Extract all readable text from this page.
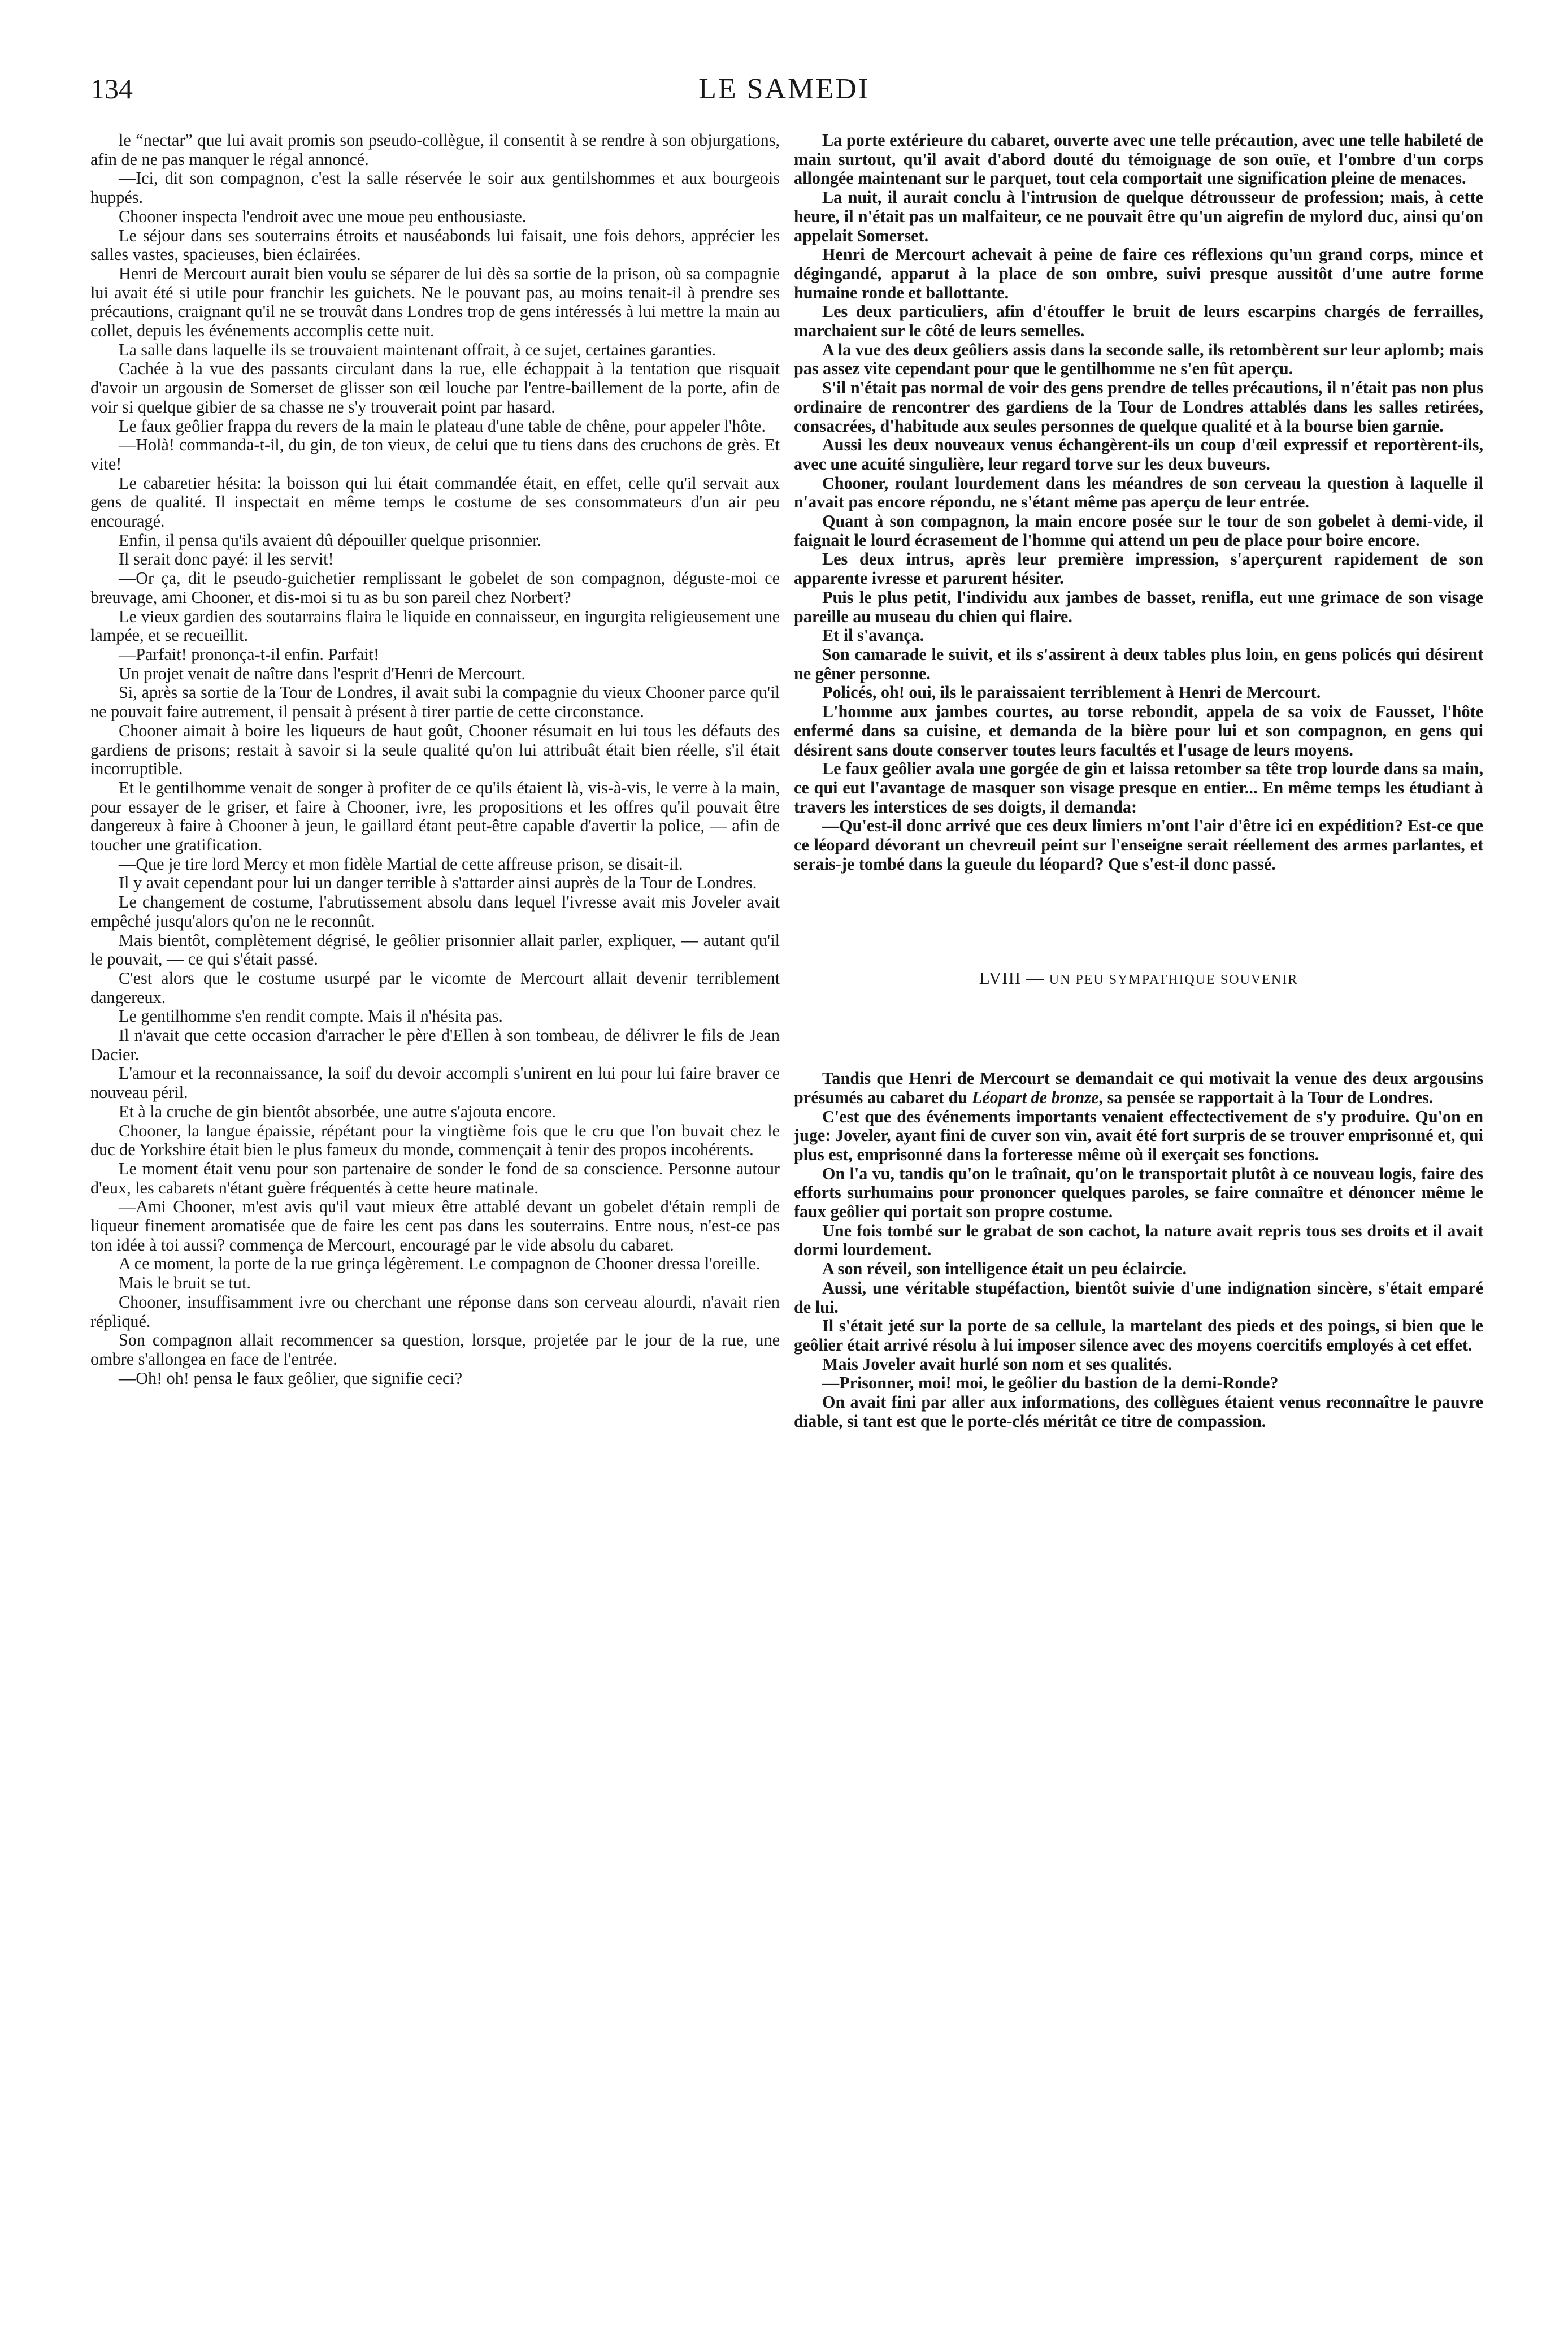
134	LE SAMEDI

le “nectar” que lui avait promis son pseudo-collègue, il consentit à se rendre à son objurgations, afin de ne pas manquer le régal annoncé.

—Ici, dit son compagnon, c'est la salle réservée le soir aux gentilshommes et aux bourgeois huppés.

Chooner inspecta l'endroit avec une moue peu enthousiaste.

Le séjour dans ses souterrains étroits et nauséabonds lui faisait, une fois dehors, apprécier les salles vastes, spacieuses, bien éclairées.

Henri de Mercourt aurait bien voulu se séparer de lui dès sa sortie de la prison, où sa compagnie lui avait été si utile pour franchir les guichets. Ne le pouvant pas, au moins tenait-il à prendre ses précautions, craignant qu'il ne se trouvât dans Londres trop de gens intéressés à lui mettre la main au collet, depuis les événements accomplis cette nuit.

La salle dans laquelle ils se trouvaient maintenant offrait, à ce sujet, certaines garanties.

Cachée à la vue des passants circulant dans la rue, elle échappait à la tentation que risquait d'avoir un argousin de Somerset de glisser son œil louche par l'entre-baillement de la porte, afin de voir si quelque gibier de sa chasse ne s'y trouverait point par hasard.

Le faux geôlier frappa du revers de la main le plateau d'une table de chêne, pour appeler l'hôte.

—Holà! commanda-t-il, du gin, de ton vieux, de celui que tu tiens dans des cruchons de grès. Et vite!

Le cabaretier hésita: la boisson qui lui était commandée était, en effet, celle qu'il servait aux gens de qualité. Il inspectait en même temps le costume de ses consommateurs d'un air peu encouragé.

Enfin, il pensa qu'ils avaient dû dépouiller quelque prisonnier.

Il serait donc payé: il les servit!

—Or ça, dit le pseudo-guichetier remplissant le gobelet de son compagnon, déguste-moi ce breuvage, ami Chooner, et dis-moi si tu as bu son pareil chez Norbert?

Le vieux gardien des soutarrains flaira le liquide en connaisseur, en ingurgita religieusement une lampée, et se recueillit.

—Parfait! prononça-t-il enfin. Parfait!

Un projet venait de naître dans l'esprit d'Henri de Mercourt.

Si, après sa sortie de la Tour de Londres, il avait subi la compagnie du vieux Chooner parce qu'il ne pouvait faire autrement, il pensait à présent à tirer partie de cette circonstance.

Chooner aimait à boire les liqueurs de haut goût, Chooner résumait en lui tous les défauts des gardiens de prisons; restait à savoir si la seule qualité qu'on lui attribuât était bien réelle, s'il était incorruptible.

Et le gentilhomme venait de songer à profiter de ce qu'ils étaient là, vis-à-vis, le verre à la main, pour essayer de le griser, et faire à Chooner, ivre, les propositions et les offres qu'il pouvait être dangereux à faire à Chooner à jeun, le gaillard étant peut-être capable d'avertir la police, — afin de toucher une gratification.

—Que je tire lord Mercy et mon fidèle Martial de cette affreuse prison, se disait-il.

Il y avait cependant pour lui un danger terrible à s'attarder ainsi auprès de la Tour de Londres.

Le changement de costume, l'abrutissement absolu dans lequel l'ivresse avait mis Joveler avait empêché jusqu'alors qu'on ne le reconnût.

Mais bientôt, complètement dégrisé, le geôlier prisonnier allait parler, expliquer, — autant qu'il le pouvait, — ce qui s'était passé.

C'est alors que le costume usurpé par le vicomte de Mercourt allait devenir terriblement dangereux.

Le gentilhomme s'en rendit compte. Mais il n'hésita pas.

Il n'avait que cette occasion d'arracher le père d'Ellen à son tombeau, de délivrer le fils de Jean Dacier.

L'amour et la reconnaissance, la soif du devoir accompli s'unirent en lui pour lui faire braver ce nouveau péril.

Et à la cruche de gin bientôt absorbée, une autre s'ajouta encore.

Chooner, la langue épaissie, répétant pour la vingtième fois que le cru que l'on buvait chez le duc de Yorkshire était bien le plus fameux du monde, commençait à tenir des propos incohérents.

Le moment était venu pour son partenaire de sonder le fond de sa conscience. Personne autour d'eux, les cabarets n'étant guère fréquentés à cette heure matinale.

—Ami Chooner, m'est avis qu'il vaut mieux être attablé devant un gobelet d'étain rempli de liqueur finement aromatisée que de faire les cent pas dans les souterrains. Entre nous, n'est-ce pas ton idée à toi aussi? commença de Mercourt, encouragé par le vide absolu du cabaret.

A ce moment, la porte de la rue grinça légèrement. Le compagnon de Chooner dressa l'oreille.

Mais le bruit se tut.

Chooner, insuffisamment ivre ou cherchant une réponse dans son cerveau alourdi, n'avait rien répliqué.

Son compagnon allait recommencer sa question, lorsque, projetée par le jour de la rue, une ombre s'allongea en face de l'entrée.

—Oh! oh! pensa le faux geôlier, que signifie ceci?

La porte extérieure du cabaret, ouverte avec une telle précaution, avec une telle habileté de main surtout, qu'il avait d'abord douté du témoignage de son ouïe, et l'ombre d'un corps allongée maintenant sur le parquet, tout cela comportait une signification pleine de menaces.

La nuit, il aurait conclu à l'intrusion de quelque détrousseur de profession; mais, à cette heure, il n'était pas un malfaiteur, ce ne pouvait être qu'un aigrefin de mylord duc, ainsi qu'on appelait Somerset.

Henri de Mercourt achevait à peine de faire ces réflexions qu'un grand corps, mince et dégingandé, apparut à la place de son ombre, suivi presque aussitôt d'une autre forme humaine ronde et ballottante.

Les deux particuliers, afin d'étouffer le bruit de leurs escarpins chargés de ferrailles, marchaient sur le côté de leurs semelles.

A la vue des deux geôliers assis dans la seconde salle, ils retombèrent sur leur aplomb; mais pas assez vite cependant pour que le gentilhomme ne s'en fût aperçu.

S'il n'était pas normal de voir des gens prendre de telles précautions, il n'était pas non plus ordinaire de rencontrer des gardiens de la Tour de Londres attablés dans les salles retirées, consacrées, d'habitude aux seules personnes de quelque qualité et à la bourse bien garnie.

Aussi les deux nouveaux venus échangèrent-ils un coup d'œil expressif et reportèrent-ils, avec une acuité singulière, leur regard torve sur les deux buveurs.

Chooner, roulant lourdement dans les méandres de son cerveau la question à laquelle il n'avait pas encore répondu, ne s'étant même pas aperçu de leur entrée.

Quant à son compagnon, la main encore posée sur le tour de son gobelet à demi-vide, il faignait le lourd écrasement de l'homme qui attend un peu de place pour boire encore.

Les deux intrus, après leur première impression, s'aperçurent rapidement de son apparente ivresse et parurent hésiter.

Puis le plus petit, l'individu aux jambes de basset, renifla, eut une grimace de son visage pareille au museau du chien qui flaire.

Et il s'avança.

Son camarade le suivit, et ils s'assirent à deux tables plus loin, en gens policés qui désirent ne gêner personne.

Policés, oh! oui, ils le paraissaient terriblement à Henri de Mercourt.

L'homme aux jambes courtes, au torse rebondit, appela de sa voix de Fausset, l'hôte enfermé dans sa cuisine, et demanda de la bière pour lui et son compagnon, en gens qui désirent sans doute conserver toutes leurs facultés et l'usage de leurs moyens.

Le faux geôlier avala une gorgée de gin et laissa retomber sa tête trop lourde dans sa main, ce qui eut l'avantage de masquer son visage presque en entier... En même temps les étudiant à travers les interstices de ses doigts, il demanda:

—Qu'est-il donc arrivé que ces deux limiers m'ont l'air d'être ici en expédition? Est-ce que ce léopard dévorant un chevreuil peint sur l'enseigne serait réellement des armes parlantes, et serais-je tombé dans la gueule du léopard? Que s'est-il donc passé.

LVIII — UN PEU SYMPATHIQUE SOUVENIR

Tandis que Henri de Mercourt se demandait ce qui motivait la venue des deux argousins présumés au cabaret du Léopart de bronze, sa pensée se rapportait à la Tour de Londres.

C'est que des événements importants venaient effectectivement de s'y produire. Qu'on en juge: Joveler, ayant fini de cuver son vin, avait été fort surpris de se trouver emprisonné et, qui plus est, emprisonné dans la forteresse même où il exerçait ses fonctions.

On l'a vu, tandis qu'on le traînait, qu'on le transportait plutôt à ce nouveau logis, faire des efforts surhumains pour prononcer quelques paroles, se faire connaître et dénoncer même le faux geôlier qui portait son propre costume.

Une fois tombé sur le grabat de son cachot, la nature avait repris tous ses droits et il avait dormi lourdement.

A son réveil, son intelligence était un peu éclaircie.

Aussi, une véritable stupéfaction, bientôt suivie d'une indignation sincère, s'était emparé de lui.

Il s'était jeté sur la porte de sa cellule, la martelant des pieds et des poings, si bien que le geôlier était arrivé résolu à lui imposer silence avec des moyens coercitifs employés à cet effet.

Mais Joveler avait hurlé son nom et ses qualités.

—Prisonner, moi! moi, le geôlier du bastion de la demi-Ronde?

On avait fini par aller aux informations, des collègues étaient venus reconnaître le pauvre diable, si tant est que le porte-clés méritât ce titre de compassion.
